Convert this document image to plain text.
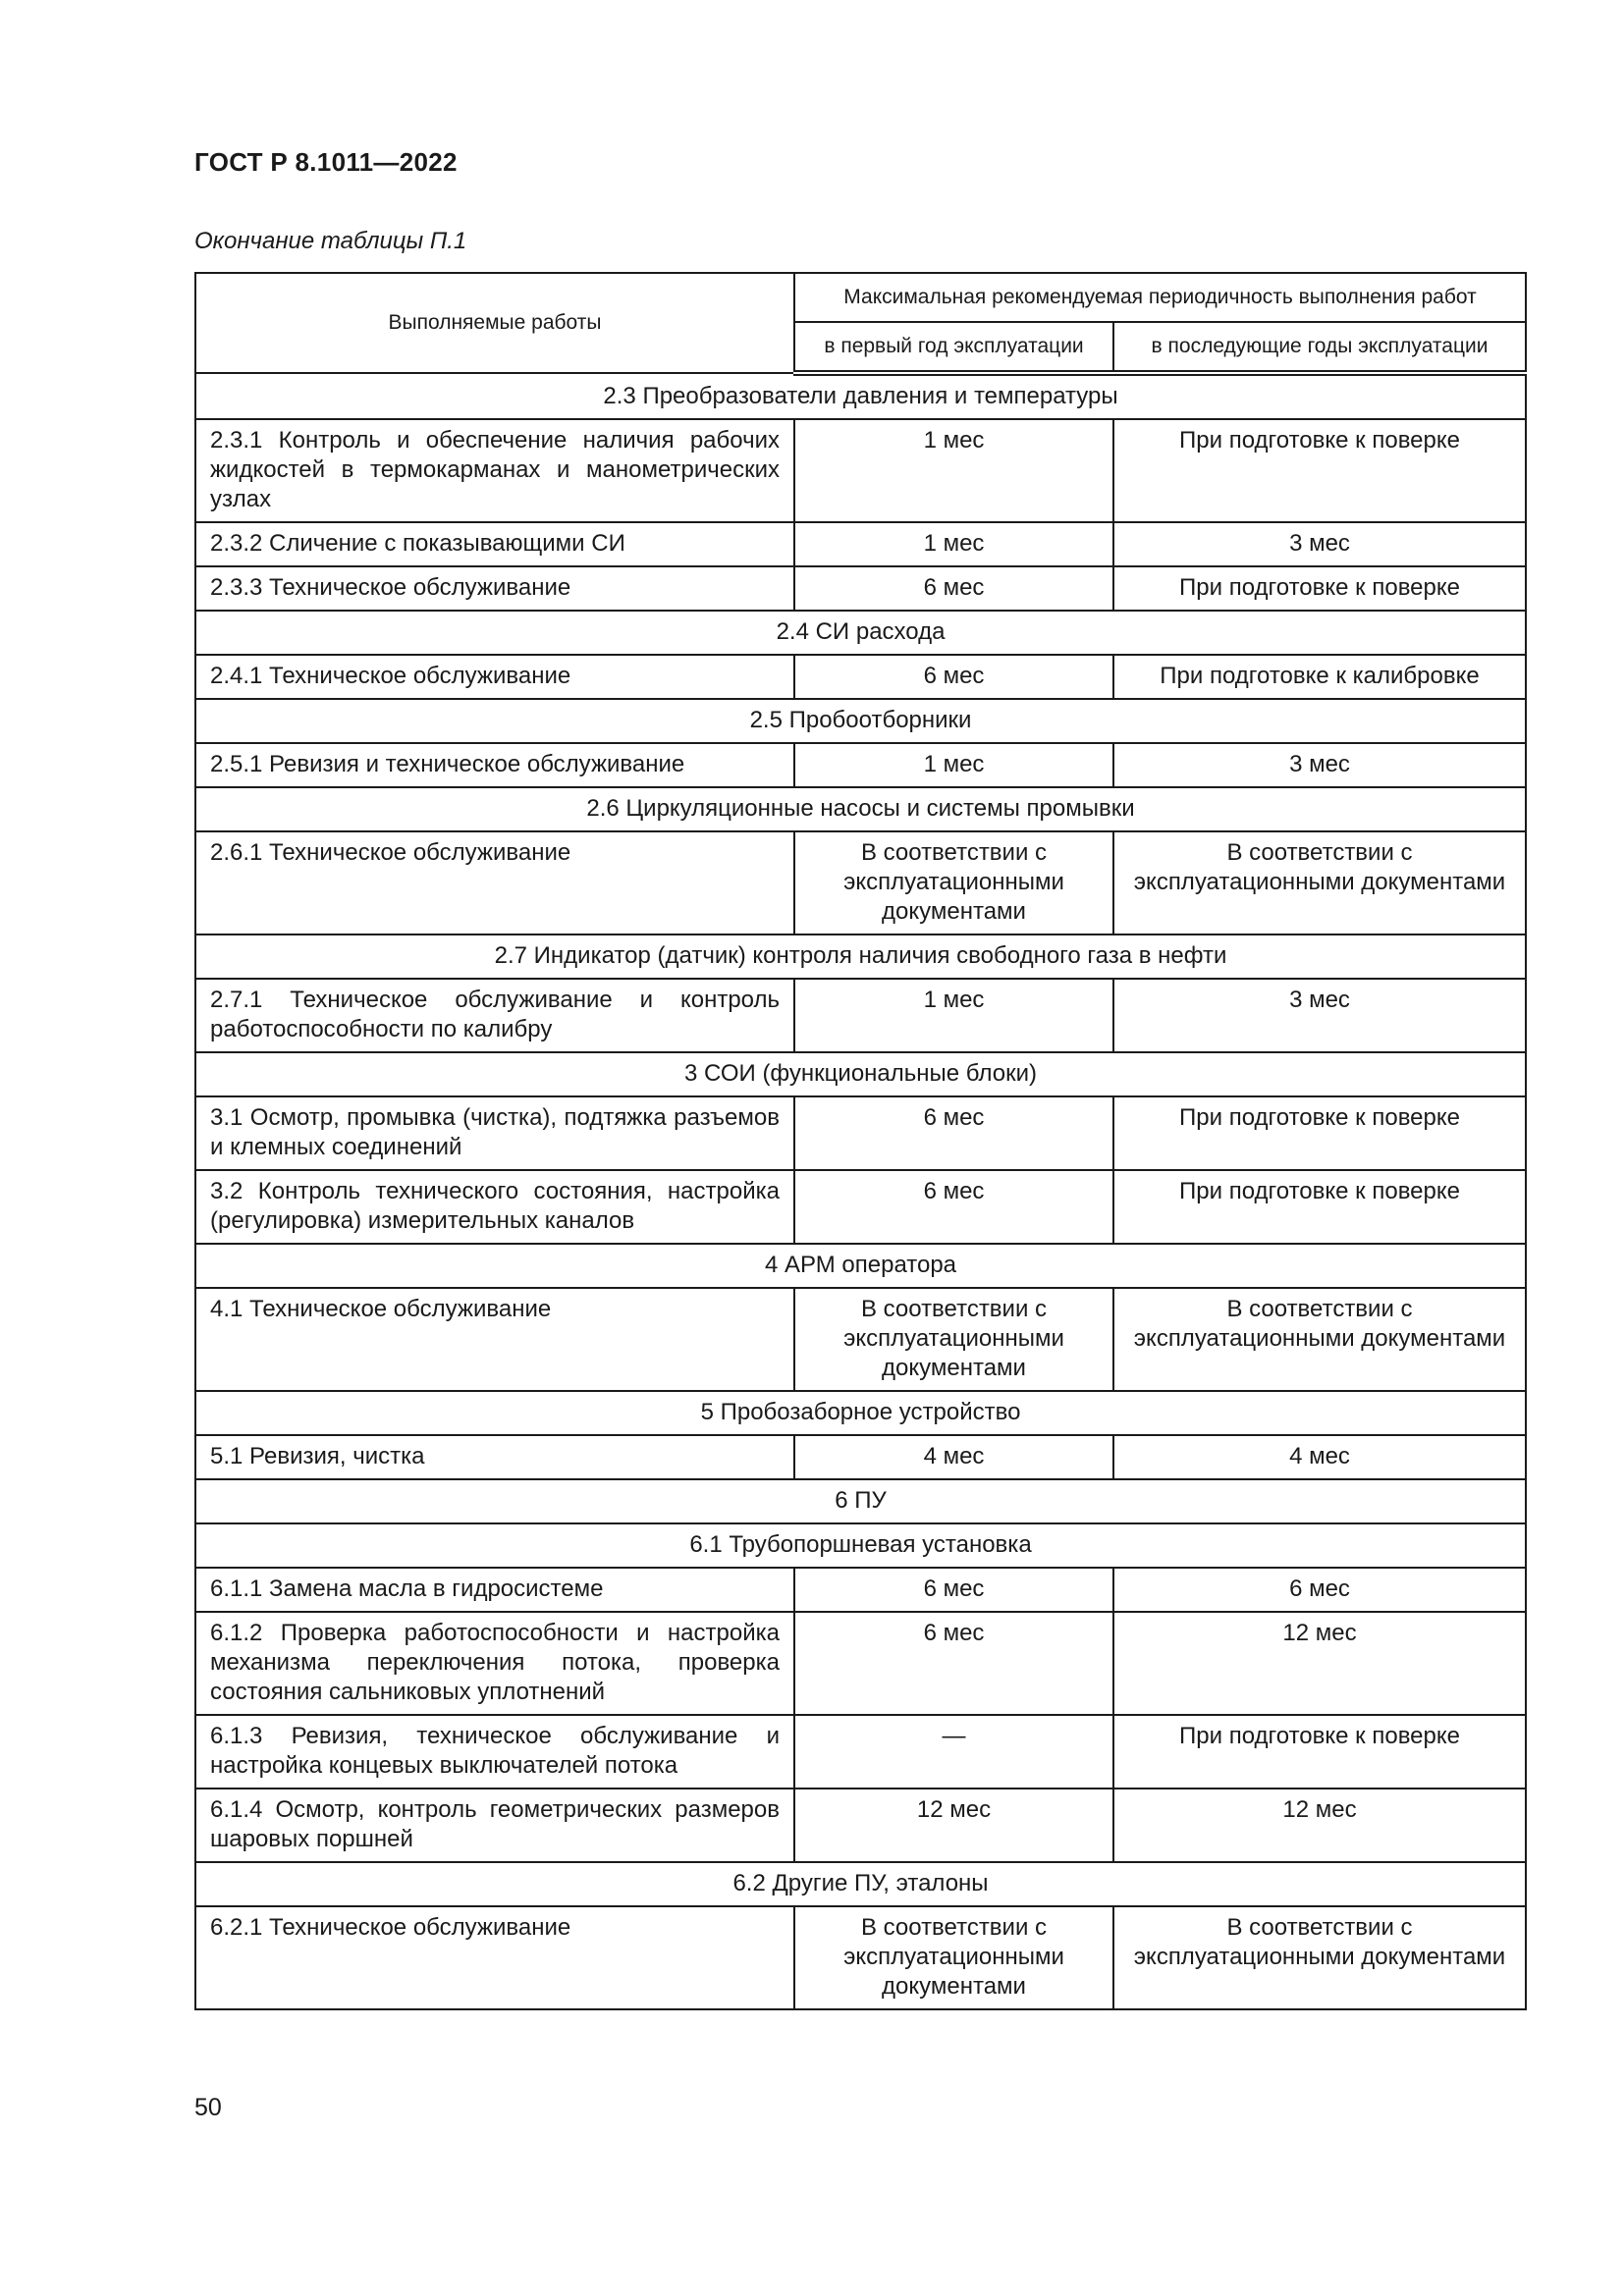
ГОСТ Р 8.1011—2022
Окончание таблицы П.1
Выполняемые работы	Максимальная рекомендуемая периодичность выполнения работ	
	в первый год эксплуатации	в последующие годы эксплуатации
2.3 Преобразователи давления и температуры		
2.3.1 Контроль и обеспечение наличия рабочих жидкостей в термокарманах и манометрических узлах	1 мес	При подготовке к поверке
2.3.2 Сличение с показывающими СИ	1 мес	3 мес
2.3.3 Техническое обслуживание	6 мес	При подготовке к поверке
2.4 СИ расхода		
2.4.1 Техническое обслуживание	6 мес	При подготовке к калибровке
2.5 Пробоотборники		
2.5.1 Ревизия и техническое обслуживание	1 мес	3 мес
2.6 Циркуляционные насосы и системы промывки		
2.6.1 Техническое обслуживание	В соответствии с эксплуатационными документами	В соответствии с эксплуатационными документами
2.7 Индикатор (датчик) контроля наличия свободного газа в нефти		
2.7.1 Техническое обслуживание и контроль работоспособности по калибру	1 мес	3 мес
3 СОИ (функциональные блоки)		
3.1 Осмотр, промывка (чистка), подтяжка разъемов и клемных соединений	6 мес	При подготовке к поверке
3.2 Контроль технического состояния, настройка (регулировка) измерительных каналов	6 мес	При подготовке к поверке
4 АРМ оператора		
4.1 Техническое обслуживание	В соответствии с эксплуатационными документами	В соответствии с эксплуатационными документами
5 Пробозаборное устройство		
5.1 Ревизия, чистка	4 мес	4 мес
6 ПУ		
6.1 Трубопоршневая установка		
6.1.1 Замена масла в гидросистеме	6 мес	6 мес
6.1.2 Проверка работоспособности и настройка механизма переключения потока, проверка состояния сальниковых уплотнений	6 мес	12 мес
6.1.3 Ревизия, техническое обслуживание и настройка концевых выключателей потока	—	При подготовке к поверке
6.1.4 Осмотр, контроль геометрических размеров шаровых поршней	12 мес	12 мес
6.2 Другие ПУ, эталоны		
6.2.1 Техническое обслуживание	В соответствии с эксплуатационными документами	В соответствии с эксплуатационными документами
50
